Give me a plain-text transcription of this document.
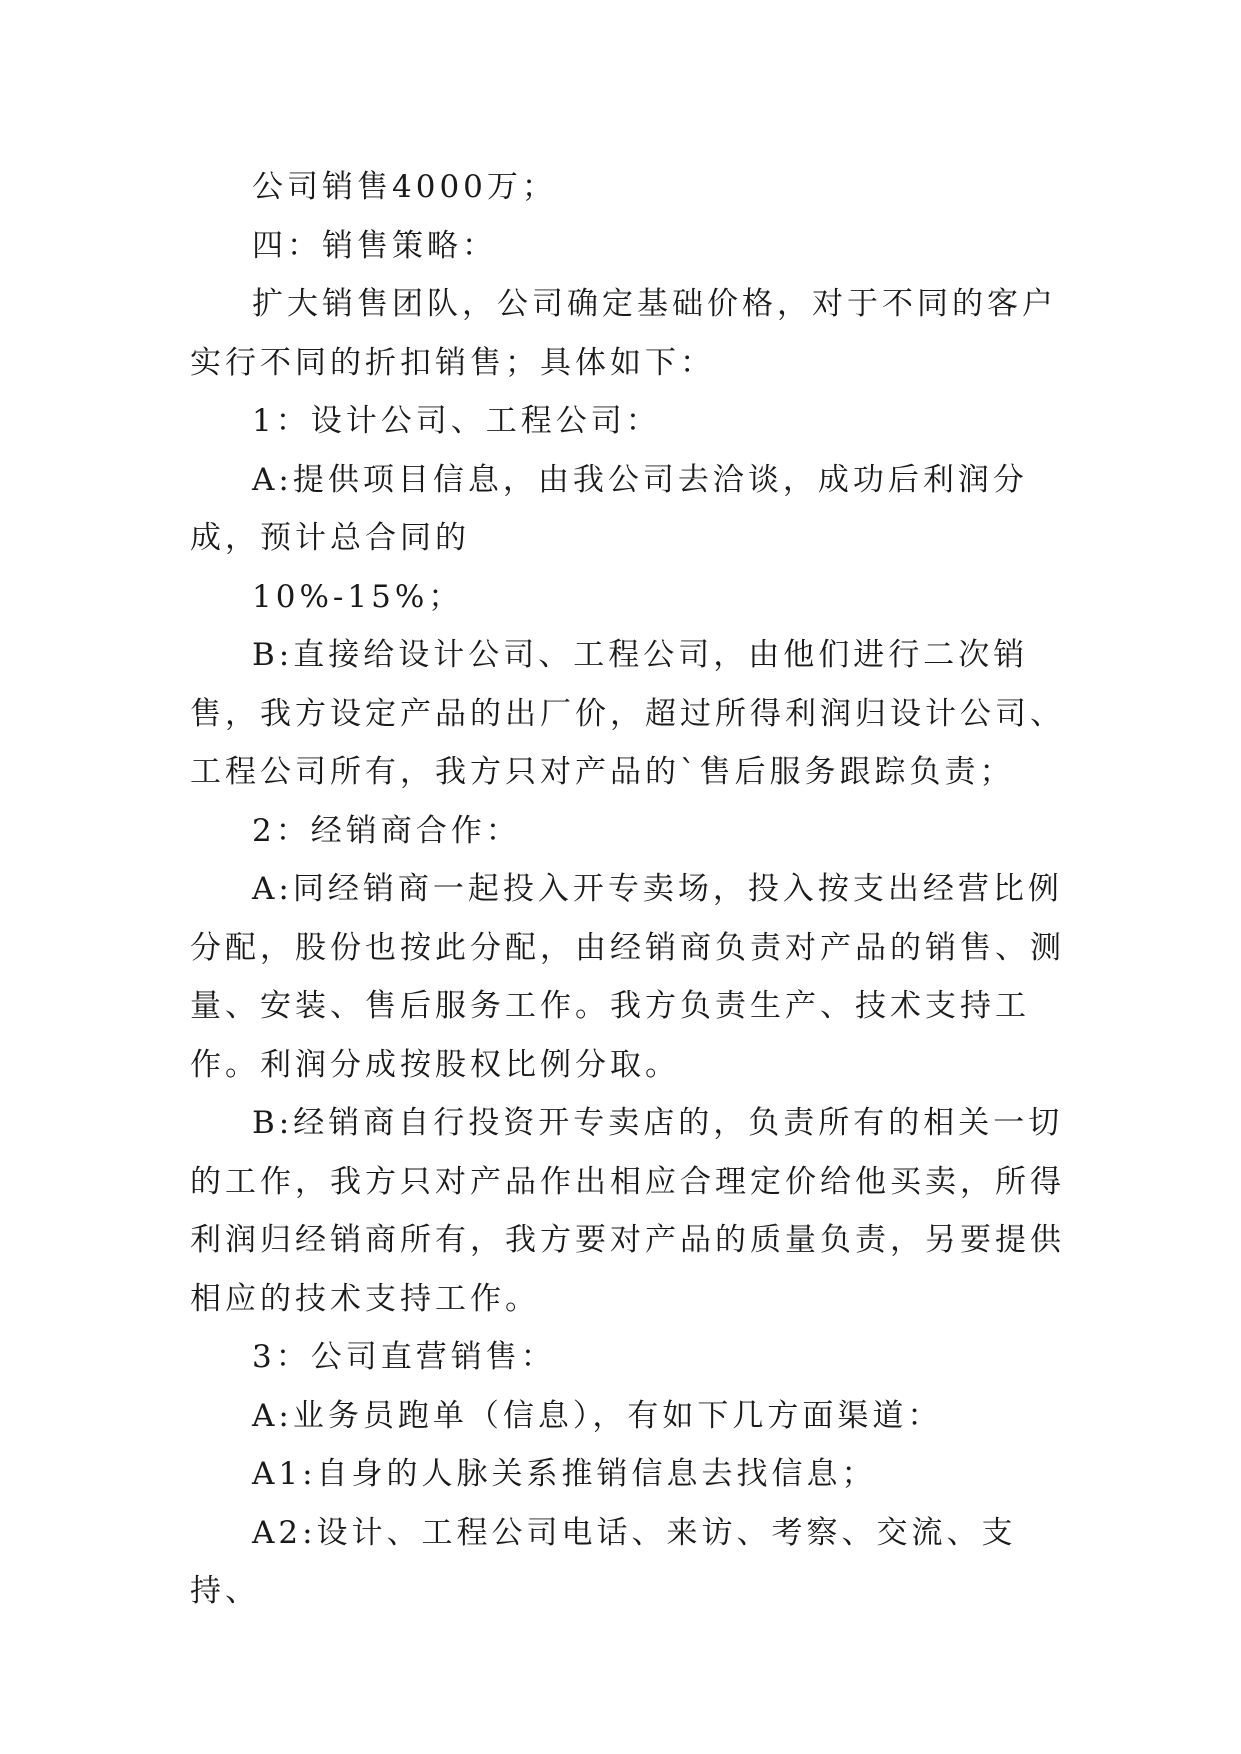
公司销售4000万；

四：销售策略：

扩大销售团队，公司确定基础价格，对于不同的客户实行不同的折扣销售；具体如下：

1：设计公司、工程公司：

A:提供项目信息，由我公司去洽谈，成功后利润分成，预计总合同的

10%-15%；

B:直接给设计公司、工程公司，由他们进行二次销售，我方设定产品的出厂价，超过所得利润归设计公司、工程公司所有，我方只对产品的`售后服务跟踪负责；

2：经销商合作：

A:同经销商一起投入开专卖场，投入按支出经营比例分配，股份也按此分配，由经销商负责对产品的销售、测量、安装、售后服务工作。我方负责生产、技术支持工作。利润分成按股权比例分取。

B:经销商自行投资开专卖店的，负责所有的相关一切的工作，我方只对产品作出相应合理定价给他买卖，所得利润归经销商所有，我方要对产品的质量负责，另要提供相应的技术支持工作。

3：公司直营销售：

A:业务员跑单（信息），有如下几方面渠道：

A1:自身的人脉关系推销信息去找信息；

A2:设计、工程公司电话、来访、考察、交流、支持、
